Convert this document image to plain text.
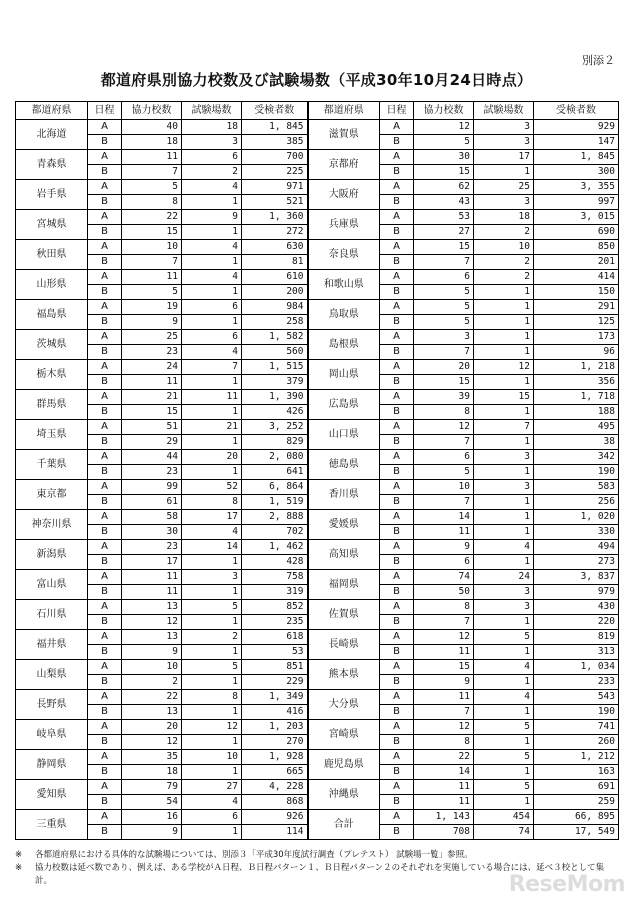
別添２
都道府県別協力校数及び試験場数（平成30年10月24日時点）
都道府県	日程	協力校数	試験場数	受検者数	都道府県	日程	協力校数	試験場数	受検者数
北海道	A	40	18	1, 845	滋賀県	A	12	3	929
	B	18	3	385		B	5	3	147
青森県	A	11	6	700	京都府	A	30	17	1, 845
	B	7	2	225		B	15	1	300
岩手県	A	5	4	971	大阪府	A	62	25	3, 355
	B	8	1	521		B	43	3	997
宮城県	A	22	9	1, 360	兵庫県	A	53	18	3, 015
	B	15	1	272		B	27	2	690
秋田県	A	10	4	630	奈良県	A	15	10	850
	B	7	1	81		B	7	2	201
山形県	A	11	4	610	和歌山県	A	6	2	414
	B	5	1	200		B	5	1	150
福島県	A	19	6	984	鳥取県	A	5	1	291
	B	9	1	258		B	5	1	125
茨城県	A	25	6	1, 582	島根県	A	3	1	173
	B	23	4	560		B	7	1	96
栃木県	A	24	7	1, 515	岡山県	A	20	12	1, 218
	B	11	1	379		B	15	1	356
群馬県	A	21	11	1, 390	広島県	A	39	15	1, 718
	B	15	1	426		B	8	1	188
埼玉県	A	51	21	3, 252	山口県	A	12	7	495
	B	29	1	829		B	7	1	38
千葉県	A	44	20	2, 080	徳島県	A	6	3	342
	B	23	1	641		B	5	1	190
東京都	A	99	52	6, 864	香川県	A	10	3	583
	B	61	8	1, 519		B	7	1	256
神奈川県	A	58	17	2, 888	愛媛県	A	14	1	1, 020
	B	30	4	702		B	11	1	330
新潟県	A	23	14	1, 462	高知県	A	9	4	494
	B	17	1	428		B	6	1	273
富山県	A	11	3	758	福岡県	A	74	24	3, 837
	B	11	1	319		B	50	3	979
石川県	A	13	5	852	佐賀県	A	8	3	430
	B	12	1	235		B	7	1	220
福井県	A	13	2	618	長崎県	A	12	5	819
	B	9	1	53		B	11	1	313
山梨県	A	10	5	851	熊本県	A	15	4	1, 034
	B	2	1	229		B	9	1	233
長野県	A	22	8	1, 349	大分県	A	11	4	543
	B	13	1	416		B	7	1	190
岐阜県	A	20	12	1, 203	宮崎県	A	12	5	741
	B	12	1	270		B	8	1	260
静岡県	A	35	10	1, 928	鹿児島県	A	22	5	1, 212
	B	18	1	665		B	14	1	163
愛知県	A	79	27	4, 228	沖縄県	A	11	5	691
	B	54	4	868		B	11	1	259
三重県	A	16	6	926	合計	A	1, 143	454	66, 895
	B	9	1	114		B	708	74	17, 549
※	各都道府県における具体的な試験場については、別添３「平成30年度試行調査（プレテスト） 試験場一覧」参照。
※	協力校数は延べ数であり、例えば、ある学校がＡ日程、Ｂ日程パターン１、Ｂ日程パターン２のそれぞれを実施している場合には、延べ３校として集計。	ReseMom
